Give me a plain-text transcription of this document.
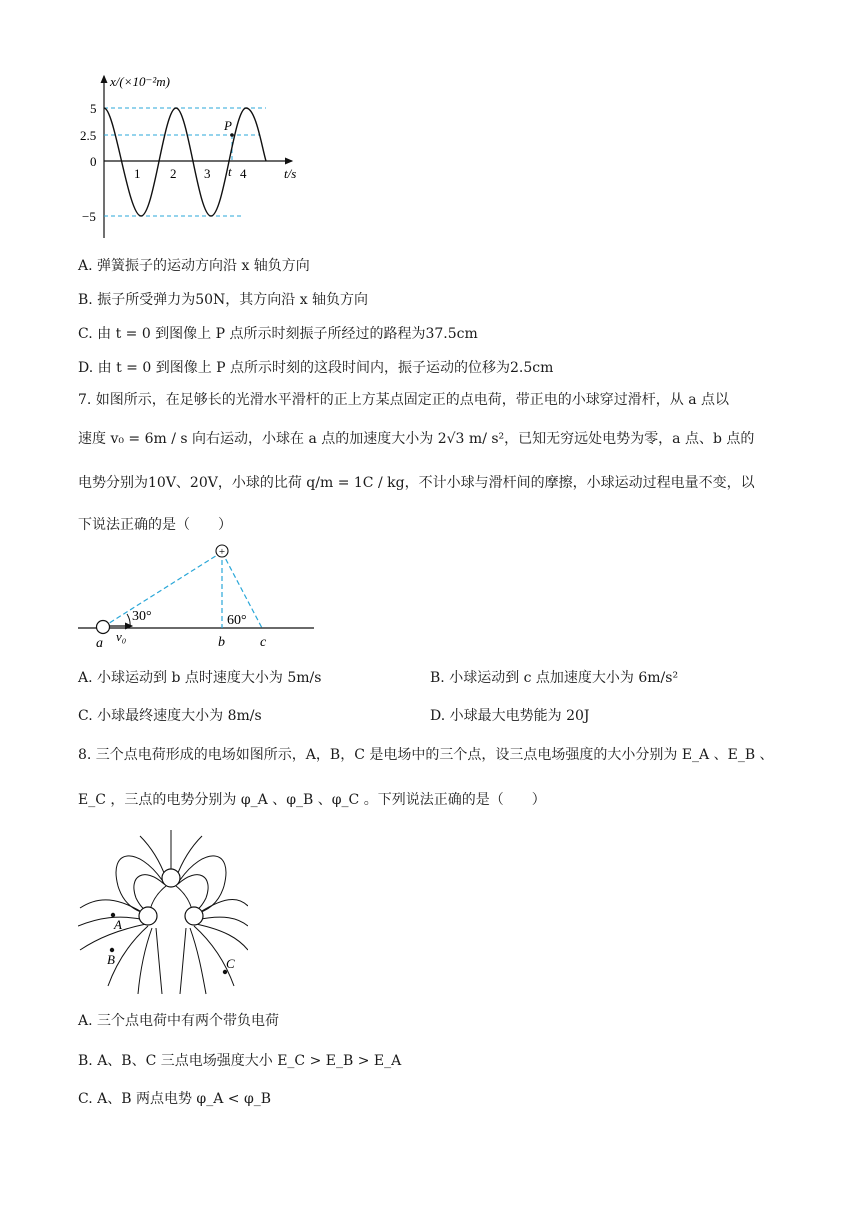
x/(×10⁻²m)
t/s
5
2.5
0
−5
1 2 3 t 4
P
A. 弹簧振子的运动方向沿 x 轴负方向
B. 振子所受弹力为50N，其方向沿 x 轴负方向
C. 由 t = 0 到图像上 P 点所示时刻振子所经过的路程为37.5cm
D. 由 t = 0 到图像上 P 点所示时刻的这段时间内，振子运动的位移为2.5cm
7. 如图所示，在足够长的光滑水平滑杆的正上方某点固定正的点电荷，带正电的小球穿过滑杆，从 a 点以
速度 v₀ = 6m / s 向右运动，小球在 a 点的加速度大小为 2√3 m/ s²，已知无穷远处电势为零，a 点、b 点的
电势分别为10V、20V，小球的比荷 q/m = 1C / kg，不计小球与滑杆间的摩擦，小球运动过程电量不变，以
下说法正确的是（　　）
+
30°	60°
a v₀	b	c
A. 小球运动到 b 点时速度大小为 5m/s	B. 小球运动到 c 点加速度大小为 6m/s²
C. 小球最终速度大小为 8m/s	D. 小球最大电势能为 20J
8. 三个点电荷形成的电场如图所示，A，B，C 是电场中的三个点，设三点电场强度的大小分别为 E_A 、E_B 、
E_C ，三点的电势分别为 φ_A 、φ_B 、φ_C 。下列说法正确的是（　　）
A
B	C
A. 三个点电荷中有两个带负电荷
B. A、B、C 三点电场强度大小 E_C > E_B > E_A
C. A、B 两点电势 φ_A < φ_B
